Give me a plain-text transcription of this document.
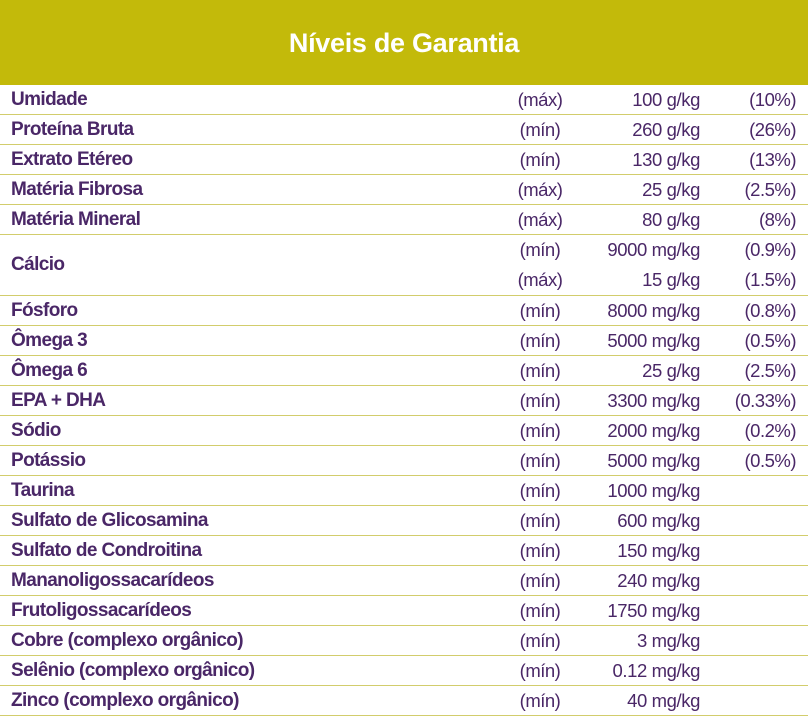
Níveis de Garantia
Umidade	(máx)	100 g/kg	(10%)
Proteína Bruta	(mín)	260 g/kg	(26%)
Extrato Etéreo	(mín)	130 g/kg	(13%)
Matéria Fibrosa	(máx)	25 g/kg	(2.5%)
Matéria Mineral	(máx)	80 g/kg	(8%)
Cálcio
(mín)	9000 mg/kg	(0.9%)
(máx)	15 g/kg	(1.5%)
Fósforo	(mín)	8000 mg/kg	(0.8%)
Ômega 3	(mín)	5000 mg/kg	(0.5%)
Ômega 6	(mín)	25 g/kg	(2.5%)
EPA + DHA	(mín)	3300 mg/kg	(0.33%)
Sódio	(mín)	2000 mg/kg	(0.2%)
Potássio	(mín)	5000 mg/kg	(0.5%)
Taurina	(mín)	1000 mg/kg
Sulfato de Glicosamina	(mín)	600 mg/kg
Sulfato de Condroitina	(mín)	150 mg/kg
Mananoligossacarídeos	(mín)	240 mg/kg
Frutoligossacarídeos	(mín)	1750 mg/kg
Cobre (complexo orgânico)	(mín)	3 mg/kg
Selênio (complexo orgânico)	(mín)	0.12 mg/kg
Zinco (complexo orgânico)	(mín)	40 mg/kg
